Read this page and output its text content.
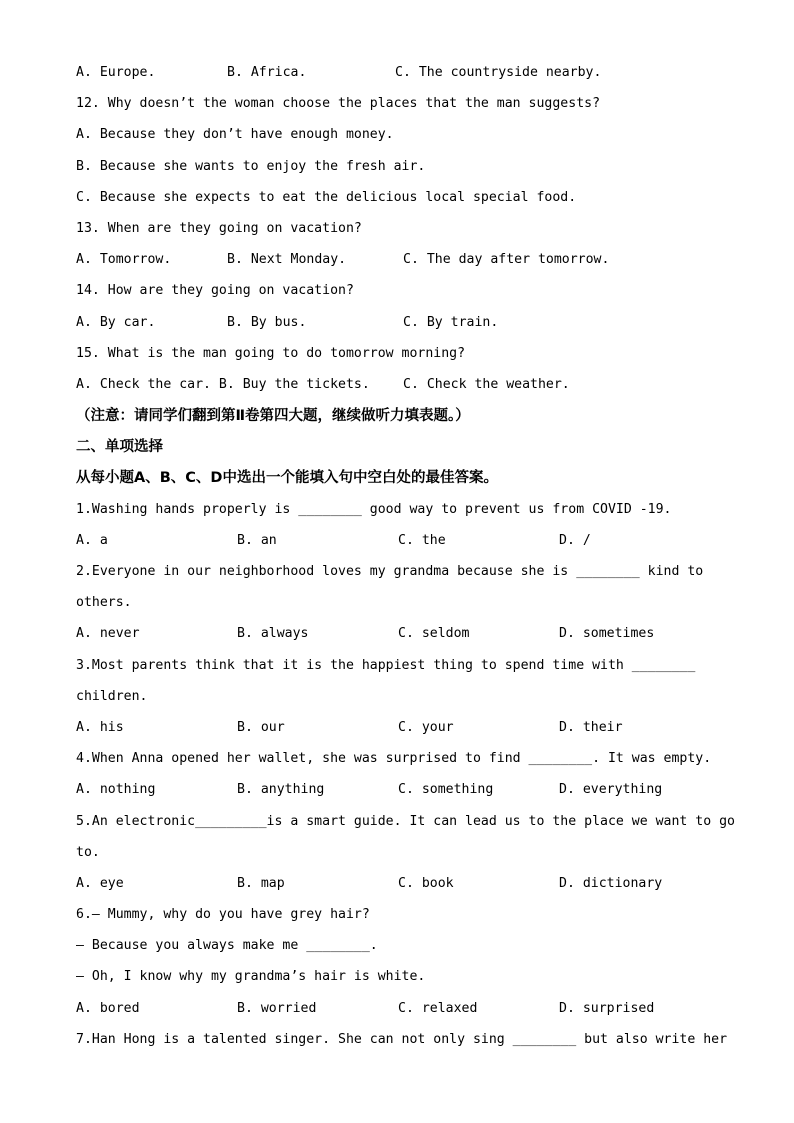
A. Europe.	B. Africa.	C. The countryside nearby.
12. Why doesn’t the woman choose the places that the man suggests?
A. Because they don’t have enough money.
B. Because she wants to enjoy the fresh air.
C. Because she expects to eat the delicious local special food.
13. When are they going on vacation?
A. Tomorrow.	B. Next Monday.	C. The day after tomorrow.
14. How are they going on vacation?
A. By car.	B. By bus.	C. By train.
15. What is the man going to do tomorrow morning?
A. Check the car. B. Buy the tickets.	C. Check the weather.
（注意：请同学们翻到第Ⅱ卷第四大题，继续做听力填表题。）
二、单项选择
从每小题A、B、C、D中选出一个能填入句中空白处的最佳答案。
1.Washing hands properly is ________ good way to prevent us from COVID -19.
A. a	B. an	C. the	D. /
2.Everyone in our neighborhood loves my grandma because she is ________ kind to
others.
A. never	B. always	C. seldom	D. sometimes
3.Most parents think that it is the happiest thing to spend time with ________
children.
A. his	B. our	C. your	D. their
4.When Anna opened her wallet, she was surprised to find ________. It was empty.
A. nothing	B. anything	C. something	D. everything
5.An electronic_________is a smart guide. It can lead us to the place we want to go
to.
A. eye	B. map	C. book	D. dictionary
6.— Mummy, why do you have grey hair?
— Because you always make me ________.
— Oh, I know why my grandma’s hair is white.
A. bored	B. worried	C. relaxed	D. surprised
7.Han Hong is a talented singer. She can not only sing ________ but also write her
